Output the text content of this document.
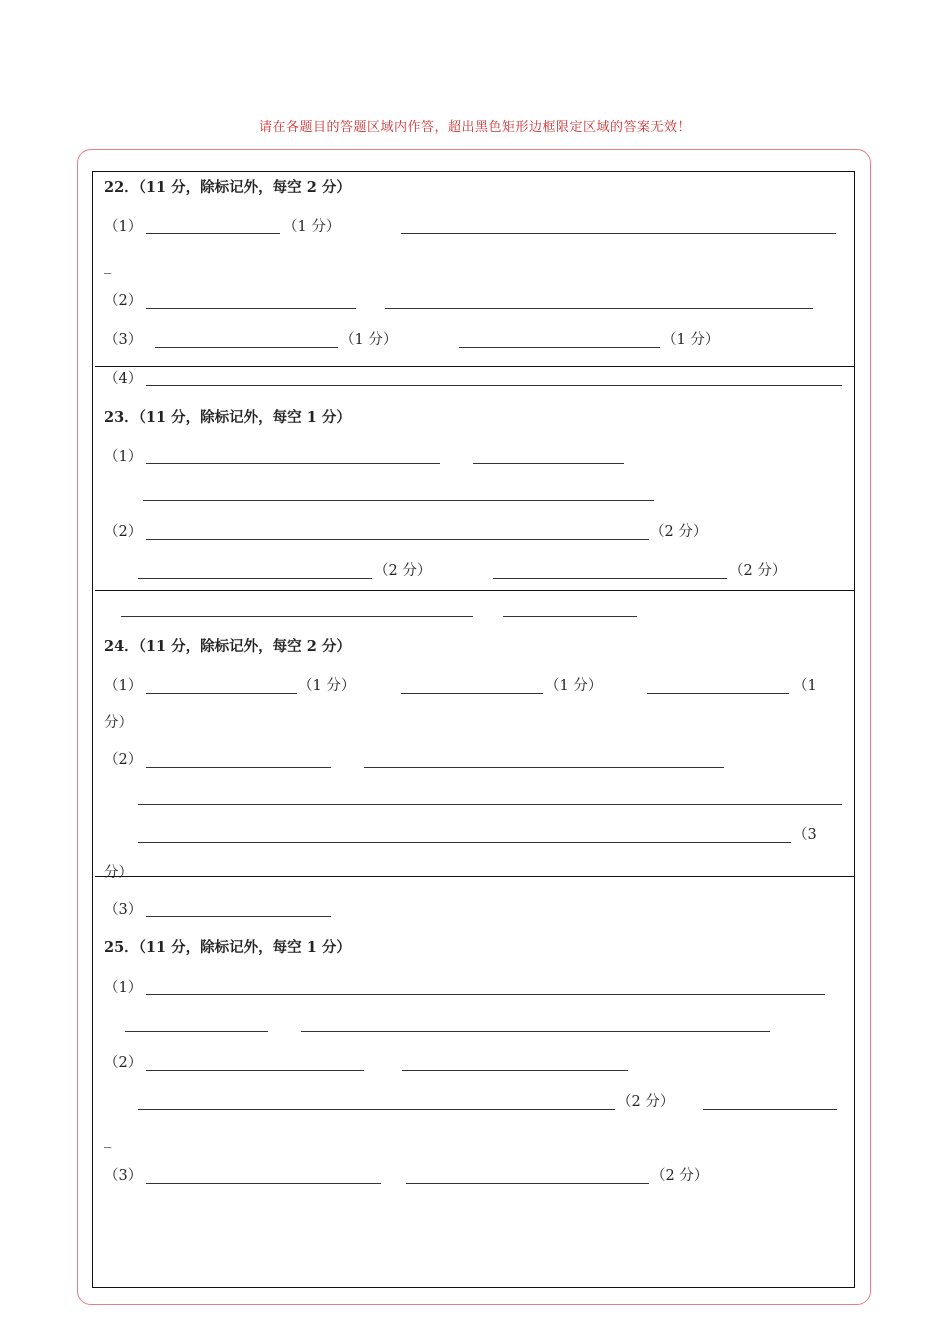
请在各题目的答题区域内作答，超出黑色矩形边框限定区域的答案无效！
22．（11 分，除标记外，每空 2 分）
（1）	（1 分）
_
（2）
（3）	（1 分）	（1 分）
（4）
23．（11 分，除标记外，每空 1 分）
（1）
（2）	（2 分）
（2 分）	（2 分）
24．（11 分，除标记外，每空 2 分）
（1）	（1 分）	（1 分）	（1
分）
（2）
（3
分）
（3）
25．（11 分，除标记外，每空 1 分）
（1）
（2）
（2 分）
_
（3）	（2 分）
